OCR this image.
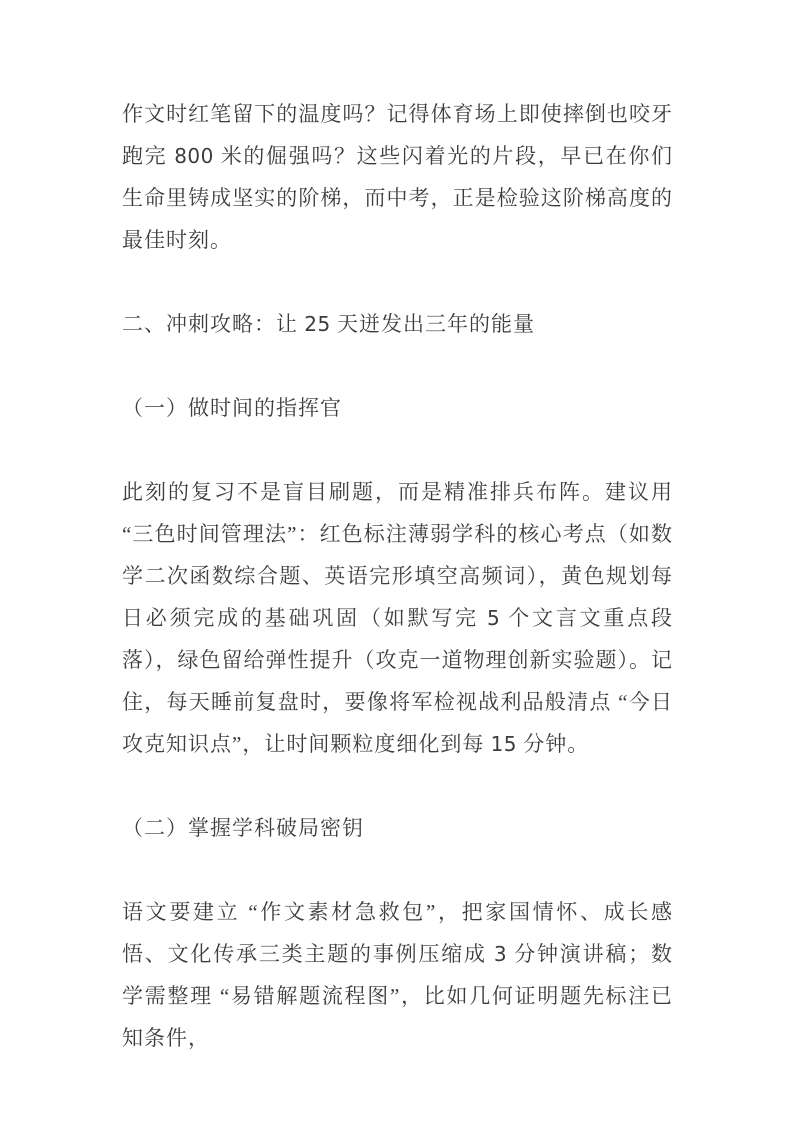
作文时红笔留下的温度吗？记得体育场上即使摔倒也咬牙跑完 800 米的倔强吗？这些闪着光的片段，早已在你们生命里铸成坚实的阶梯，而中考，正是检验这阶梯高度的最佳时刻。

二、冲刺攻略：让 25 天迸发出三年的能量
（一）做时间的指挥官

此刻的复习不是盲目刷题，而是精准排兵布阵。建议用 “三色时间管理法”：红色标注薄弱学科的核心考点（如数学二次函数综合题、英语完形填空高频词），黄色规划每日必须完成的基础巩固（如默写完 5 个文言文重点段落），绿色留给弹性提升（攻克一道物理创新实验题）。记住，每天睡前复盘时，要像将军检视战利品般清点 “今日攻克知识点”，让时间颗粒度细化到每 15 分钟。

（二）掌握学科破局密钥

语文要建立 “作文素材急救包”，把家国情怀、成长感悟、文化传承三类主题的事例压缩成 3 分钟演讲稿；数学需整理 “易错解题流程图”，比如几何证明题先标注已知条件，
